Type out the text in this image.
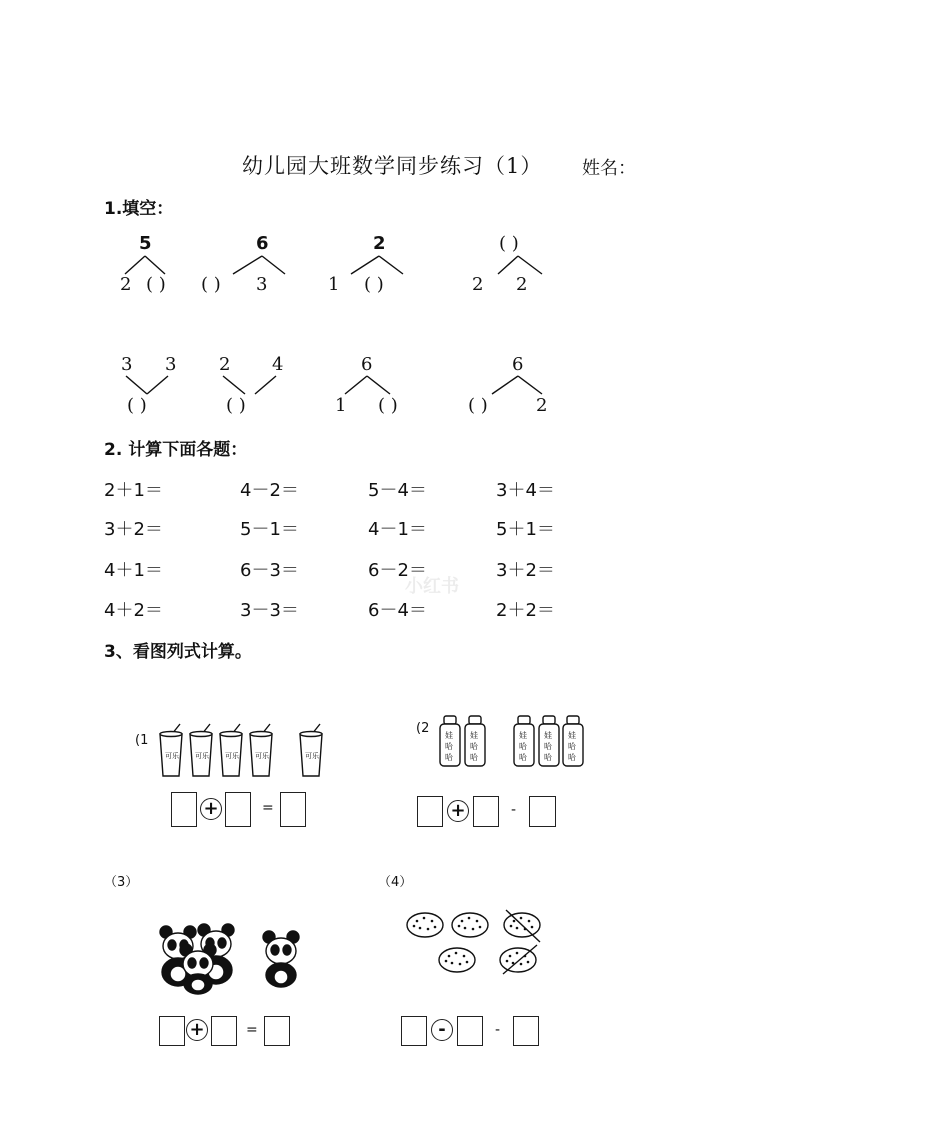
幼儿园大班数学同步练习（1） 姓名：
1.填空：
5
2 ( )
6
( ) 3
2
1 ( )
( )
2 2
3 3
( )
2 4
( )
6
1 ( )
6
( )	2
2. 计算下面各题：
2＋1＝	4－2＝	5－4＝	3＋4＝
3＋2＝	5－1＝	4－1＝	5＋1＝
4＋1＝	6－3＝	6－2＝	3＋2＝
4＋2＝	3－3＝	6－4＝	2＋2＝
小红书
3、看图列式计算。
(1
可乐 可乐 可乐 可乐	可乐
+	=
(2 娃
哈
哈
娃
哈
哈
娃
哈
哈
娃
哈
哈
娃
哈
哈
+	-
（3）
+	=
（4）
-	-
